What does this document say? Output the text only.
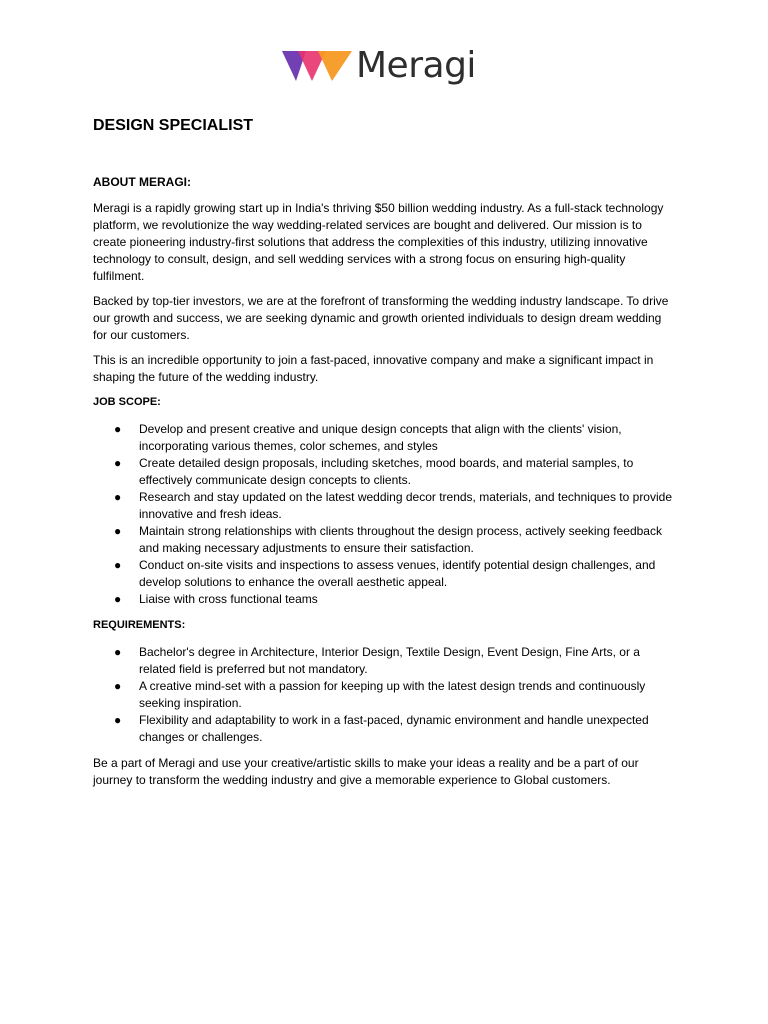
Meragi
DESIGN SPECIALIST
ABOUT MERAGI:

Meragi is a rapidly growing start up in India's thriving $50 billion wedding industry. As a full-stack technology platform, we revolutionize the way wedding-related services are bought and delivered. Our mission is to create pioneering industry-first solutions that address the complexities of this industry, utilizing innovative technology to consult, design, and sell wedding services with a strong focus on ensuring high-quality fulfilment.

Backed by top-tier investors, we are at the forefront of transforming the wedding industry landscape. To drive our growth and success, we are seeking dynamic and growth oriented individuals to design dream wedding for our customers.

This is an incredible opportunity to join a fast-paced, innovative company and make a significant impact in shaping the future of the wedding industry.

JOB SCOPE:
● Develop and present creative and unique design concepts that align with the clients' vision, incorporating various themes, color schemes, and styles
● Create detailed design proposals, including sketches, mood boards, and material samples, to effectively communicate design concepts to clients.
● Research and stay updated on the latest wedding decor trends, materials, and techniques to provide innovative and fresh ideas.
● Maintain strong relationships with clients throughout the design process, actively seeking feedback and making necessary adjustments to ensure their satisfaction.
● Conduct on-site visits and inspections to assess venues, identify potential design challenges, and develop solutions to enhance the overall aesthetic appeal.
● Liaise with cross functional teams
REQUIREMENTS:
● Bachelor's degree in Architecture, Interior Design, Textile Design, Event Design, Fine Arts, or a related field is preferred but not mandatory.
● A creative mind-set with a passion for keeping up with the latest design trends and continuously seeking inspiration.
● Flexibility and adaptability to work in a fast-paced, dynamic environment and handle unexpected changes or challenges.

Be a part of Meragi and use your creative/artistic skills to make your ideas a reality and be a part of our journey to transform the wedding industry and give a memorable experience to Global customers.
